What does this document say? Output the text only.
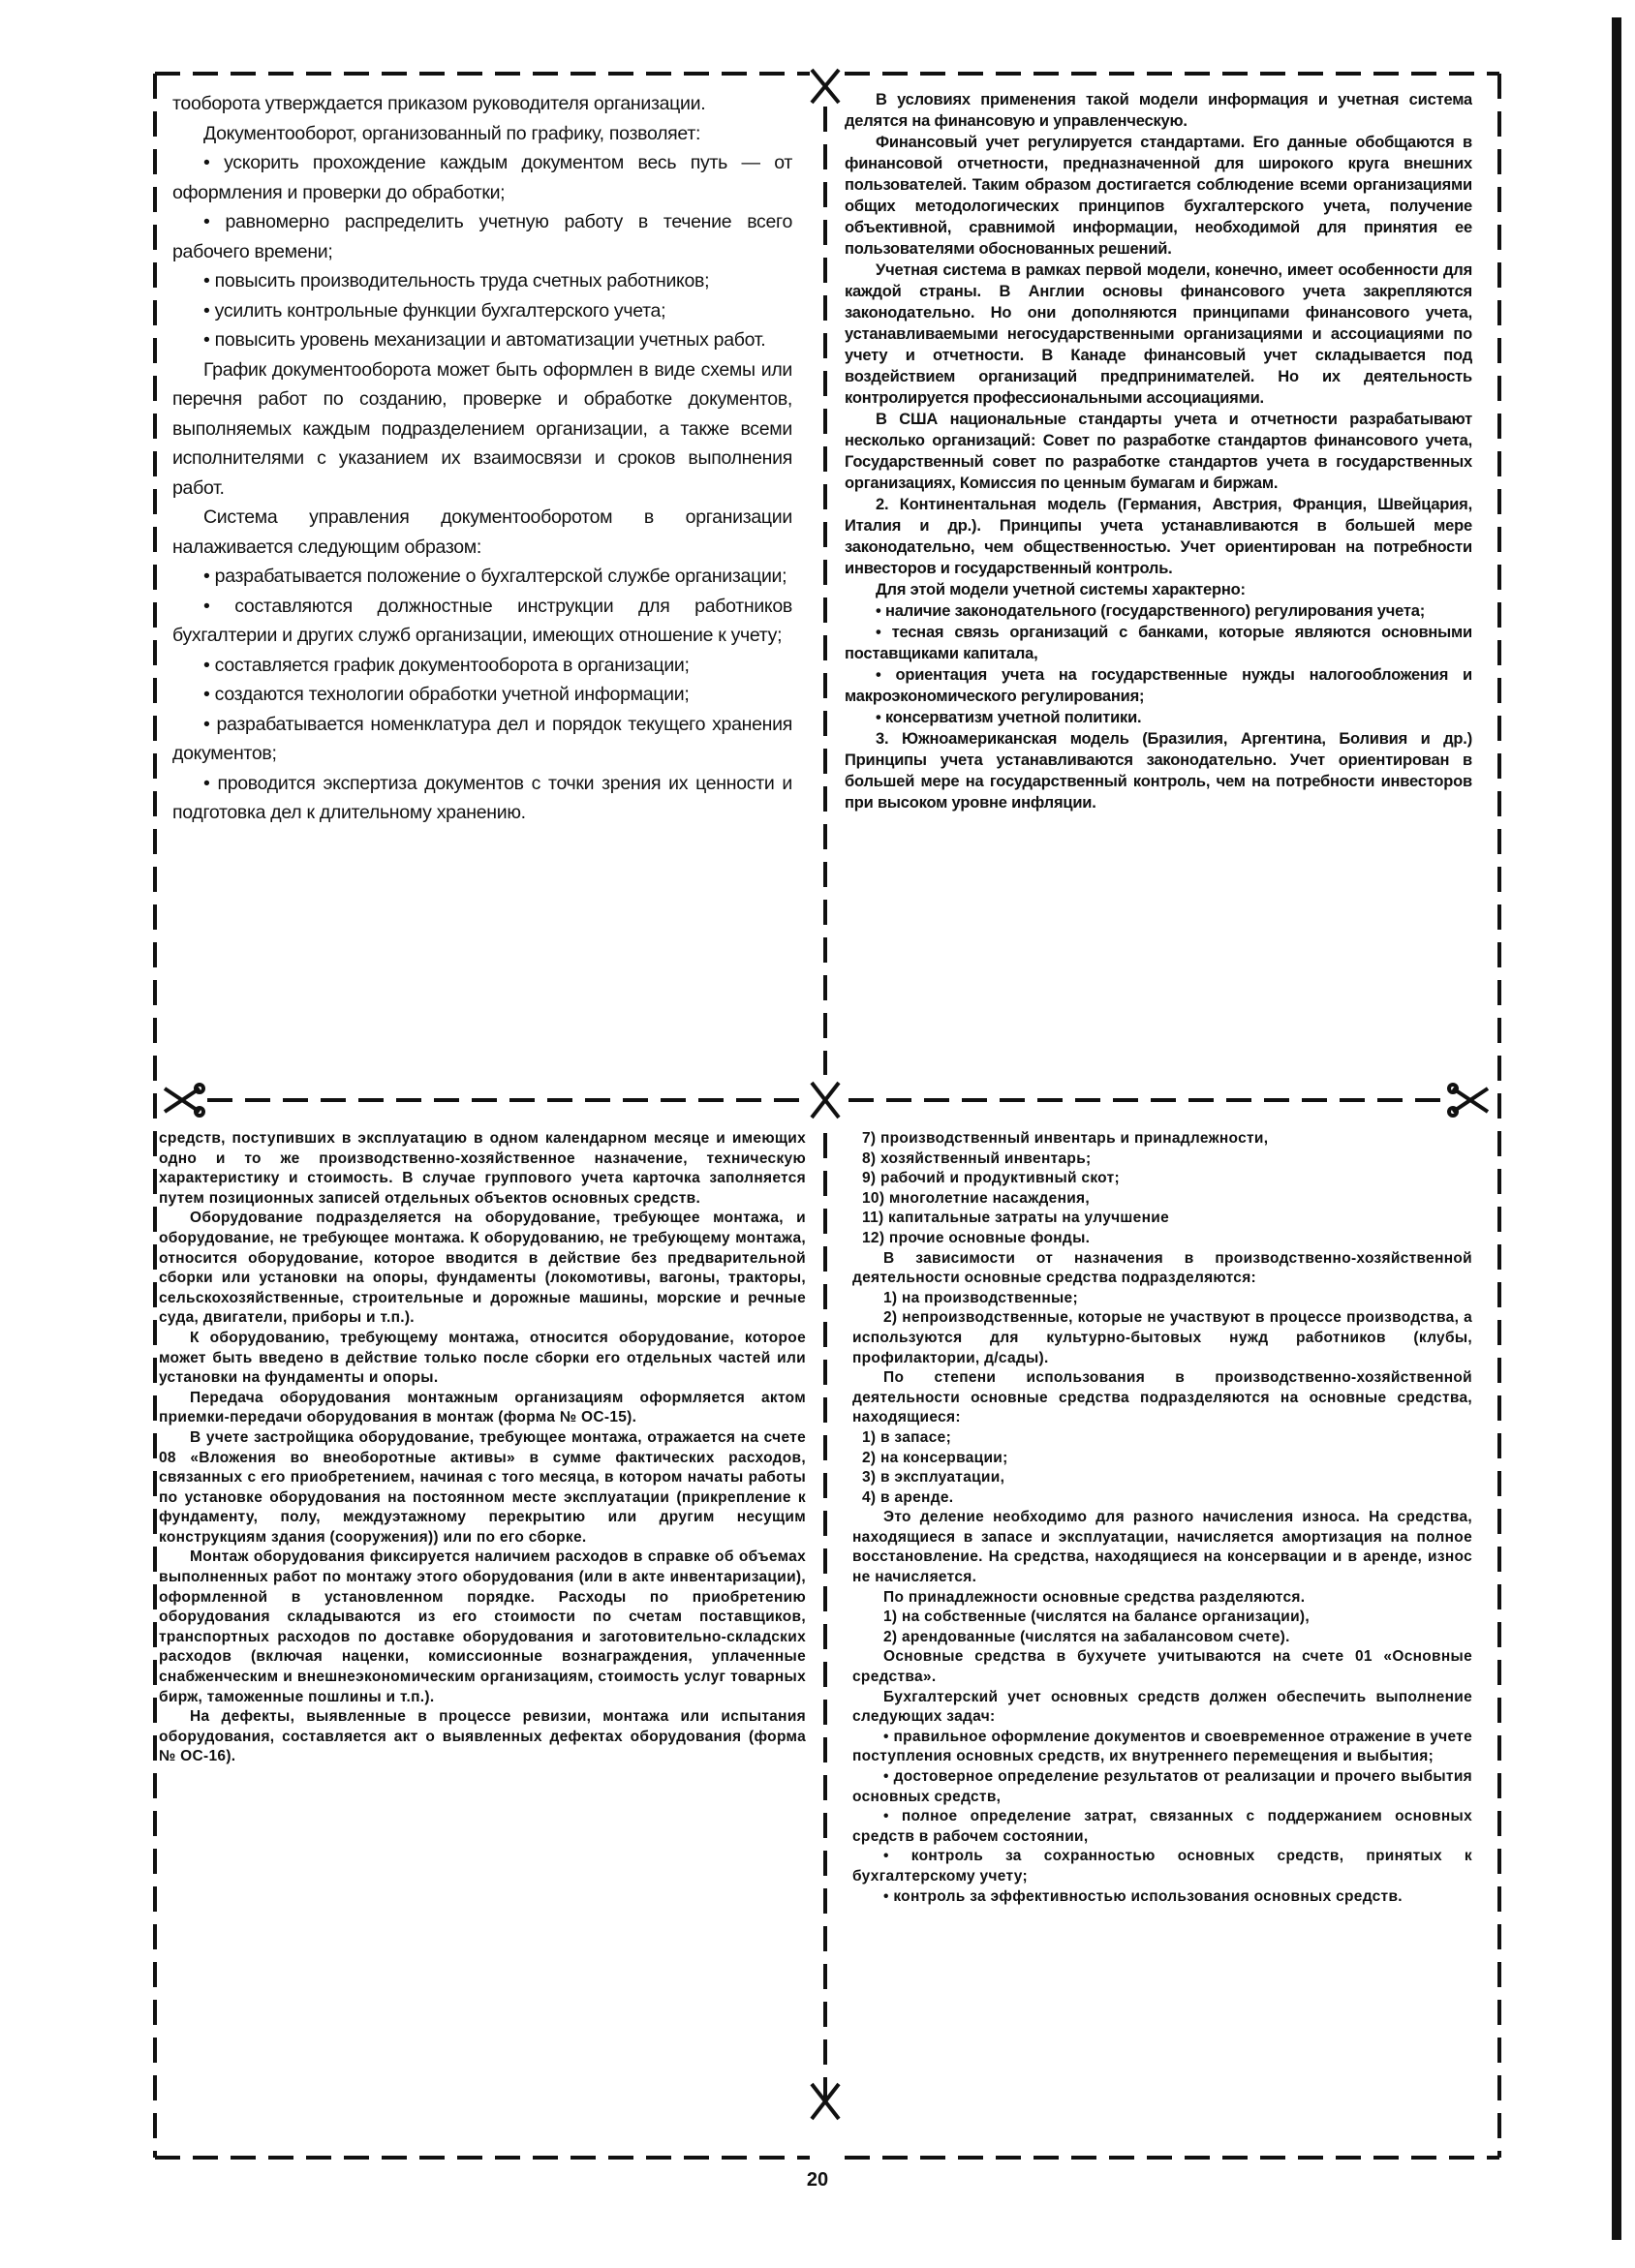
тооборота утверждается приказом руководителя организации.

Документооборот, организованный по графику, позволяет:

• ускорить прохождение каждым документом весь путь — от оформления и проверки до обработки;

• равномерно распределить учетную работу в течение всего рабочего времени;

• повысить производительность труда счетных работников;

• усилить контрольные функции бухгалтерского учета;

• повысить уровень механизации и автоматизации учетных работ.

График документооборота может быть оформлен в виде схемы или перечня работ по созданию, проверке и обработке документов, выполняемых каждым подразделением организации, а также всеми исполнителями с указанием их взаимосвязи и сроков выполнения работ.

Система управления документооборотом в организации налаживается следующим образом:

• разрабатывается положение о бухгалтерской службе организации;

• составляются должностные инструкции для работников бухгалтерии и других служб организации, имеющих отношение к учету;

• составляется график документооборота в организации;

• создаются технологии обработки учетной информации;

• разрабатывается номенклатура дел и порядок текущего хранения документов;

• проводится экспертиза документов с точки зрения их ценности и подготовка дел к длительному хранению.

В условиях применения такой модели информация и учетная система делятся на финансовую и управленческую.

Финансовый учет регулируется стандартами. Его данные обобщаются в финансовой отчетности, предназначенной для широкого круга внешних пользователей. Таким образом достигается соблюдение всеми организациями общих методологических принципов бухгалтерского учета, получение объективной, сравнимой информации, необходимой для принятия ее пользователями обоснованных решений.

Учетная система в рамках первой модели, конечно, имеет особенности для каждой страны. В Англии основы финансового учета закрепляются законодательно. Но они дополняются принципами финансового учета, устанавливаемыми негосударственными организациями и ассоциациями по учету и отчетности. В Канаде финансовый учет складывается под воздействием организаций предпринимателей. Но их деятельность контролируется профессиональными ассоциациями.

В США национальные стандарты учета и отчетности разрабатывают несколько организаций: Совет по разработке стандартов финансового учета, Государственный совет по разработке стандартов учета в государственных организациях, Комиссия по ценным бумагам и биржам.

2. Континентальная модель (Германия, Австрия, Франция, Швейцария, Италия и др.). Принципы учета устанавливаются в большей мере законодательно, чем общественностью. Учет ориентирован на потребности инвесторов и государственный контроль.

Для этой модели учетной системы характерно:

• наличие законодательного (государственного) регулирования учета;

• тесная связь организаций с банками, которые являются основными поставщиками капитала,

• ориентация учета на государственные нужды налогообложения и макроэкономического регулирования;

• консерватизм учетной политики.

3. Южноамериканская модель (Бразилия, Аргентина, Боливия и др.) Принципы учета устанавливаются законодательно. Учет ориентирован в большей мере на государственный контроль, чем на потребности инвесторов при высоком уровне инфляции.

средств, поступивших в эксплуатацию в одном календарном месяце и имеющих одно и то же производственно-хозяйственное назначение, техническую характеристику и стоимость. В случае группового учета карточка заполняется путем позиционных записей отдельных объектов основных средств.

Оборудование подразделяется на оборудование, требующее монтажа, и оборудование, не требующее монтажа. К оборудованию, не требующему монтажа, относится оборудование, которое вводится в действие без предварительной сборки или установки на опоры, фундаменты (локомотивы, вагоны, тракторы, сельскохозяйственные, строительные и дорожные машины, морские и речные суда, двигатели, приборы и т.п.).

К оборудованию, требующему монтажа, относится оборудование, которое может быть введено в действие только после сборки его отдельных частей или установки на фундаменты и опоры.

Передача оборудования монтажным организациям оформляется актом приемки-передачи оборудования в монтаж (форма № ОС-15).

В учете застройщика оборудование, требующее монтажа, отражается на счете 08 «Вложения во внеоборотные активы» в сумме фактических расходов, связанных с его приобретением, начиная с того месяца, в котором начаты работы по установке оборудования на постоянном месте эксплуатации (прикрепление к фундаменту, полу, междуэтажному перекрытию или другим несущим конструкциям здания (сооружения)) или по его сборке.

Монтаж оборудования фиксируется наличием расходов в справке об объемах выполненных работ по монтажу этого оборудования (или в акте инвентаризации), оформленной в установленном порядке. Расходы по приобретению оборудования складываются из его стоимости по счетам поставщиков, транспортных расходов по доставке оборудования и заготовительно-складских расходов (включая наценки, комиссионные вознаграждения, уплаченные снабженческим и внешнеэкономическим организациям, стоимость услуг товарных бирж, таможенные пошлины и т.п.).

На дефекты, выявленные в процессе ревизии, монтажа или испытания оборудования, составляется акт о выявленных дефектах оборудования (форма № ОС-16).

7) производственный инвентарь и принадлежности,

8) хозяйственный инвентарь;

9) рабочий и продуктивный скот;

10) многолетние насаждения,

11) капитальные затраты на улучшение

12) прочие основные фонды.

В зависимости от назначения в производственно-хозяйственной деятельности основные средства подразделяются:

1) на производственные;

2) непроизводственные, которые не участвуют в процессе производства, а используются для культурно-бытовых нужд работников (клубы, профилактории, д/сады).

По степени использования в производственно-хозяйственной деятельности основные средства подразделяются на основные средства, находящиеся:

1) в запасе;

2) на консервации;

3) в эксплуатации,

4) в аренде.

Это деление необходимо для разного начисления износа. На средства, находящиеся в запасе и эксплуатации, начисляется амортизация на полное восстановление. На средства, находящиеся на консервации и в аренде, износ не начисляется.

По принадлежности основные средства разделяются.

1) на собственные (числятся на балансе организации),

2) арендованные (числятся на забалансовом счете).

Основные средства в бухучете учитываются на счете 01 «Основные средства».

Бухгалтерский учет основных средств должен обеспечить выполнение следующих задач:

• правильное оформление документов и своевременное отражение в учете поступления основных средств, их внутреннего перемещения и выбытия;

• достоверное определение результатов от реализации и прочего выбытия основных средств,

• полное определение затрат, связанных с поддержанием основных средств в рабочем состоянии,

• контроль за сохранностью основных средств, принятых к бухгалтерскому учету;

• контроль за эффективностью использования основных средств.

20
